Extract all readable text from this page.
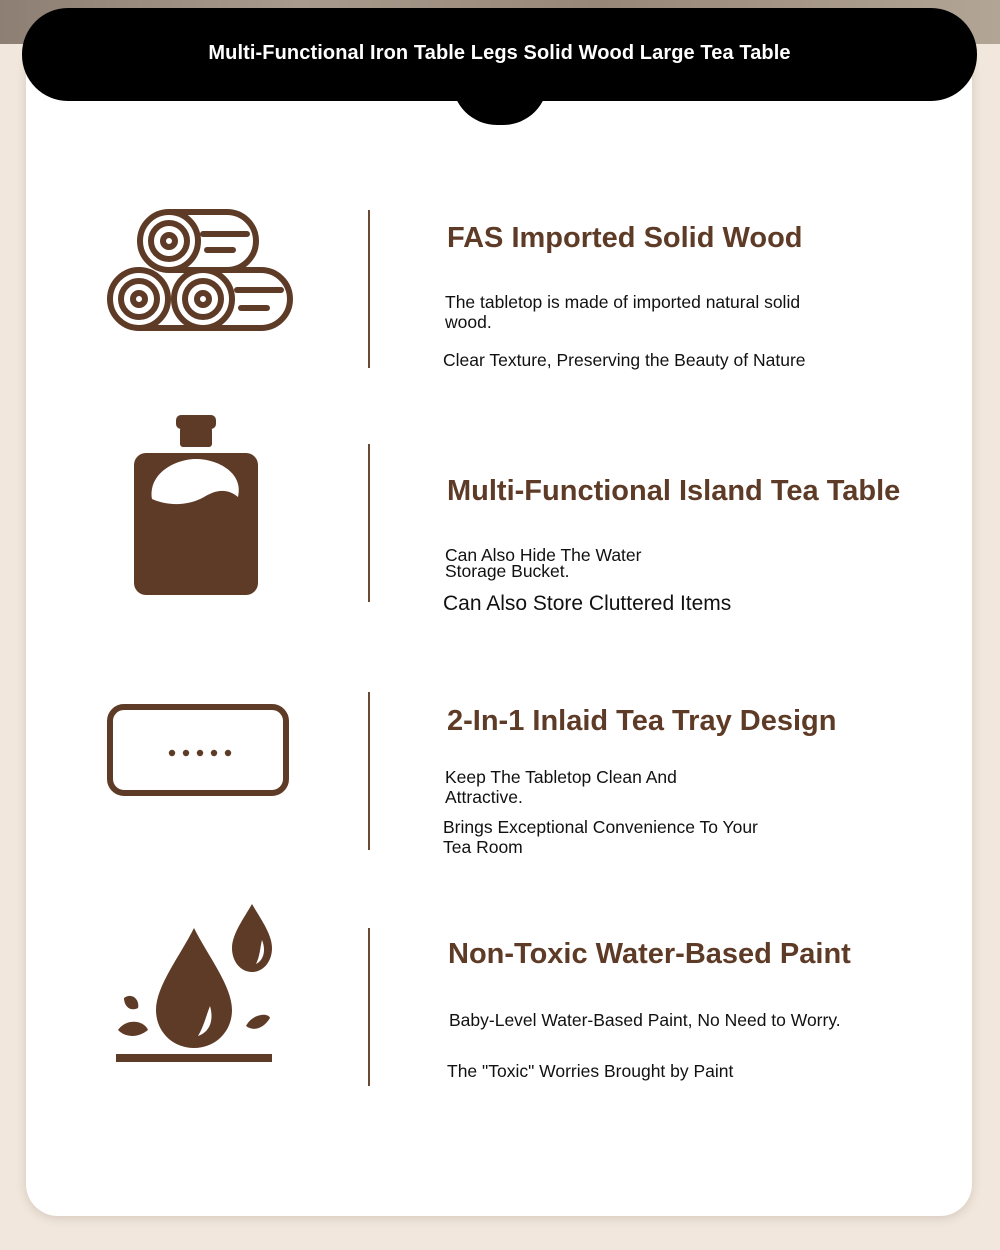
Multi-Functional Iron Table Legs Solid Wood Large Tea Table
FAS Imported Solid Wood

The tabletop is made of imported natural solid wood.

Clear Texture, Preserving the Beauty of Nature

Multi-Functional Island Tea Table

Can Also Hide The Water Storage Bucket.

Can Also Store Cluttered Items

2-In-1 Inlaid Tea Tray Design

Keep The Tabletop Clean And Attractive.

Brings Exceptional Convenience To Your Tea Room

Non-Toxic Water-Based Paint

Baby-Level Water-Based Paint, No Need to Worry.

The "Toxic" Worries Brought by Paint
